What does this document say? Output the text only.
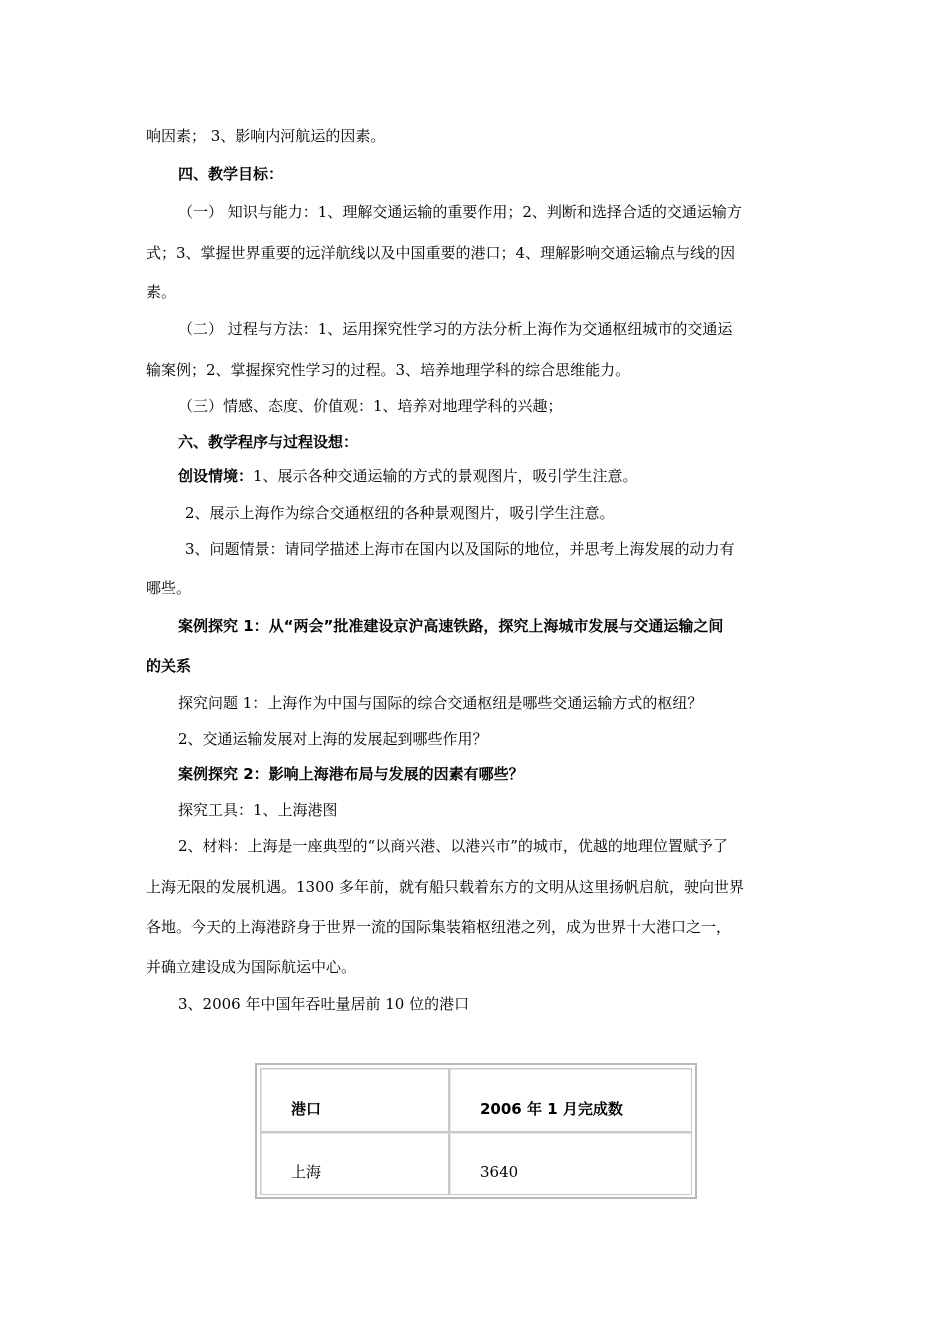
响因素； 3、影响内河航运的因素。
四、教学目标：
（一） 知识与能力：1、理解交通运输的重要作用；2、判断和选择合适的交通运输方
式；3、掌握世界重要的远洋航线以及中国重要的港口；4、理解影响交通运输点与线的因
素。
（二） 过程与方法：1、运用探究性学习的方法分析上海作为交通枢纽城市的交通运
输案例；2、掌握探究性学习的过程。3、培养地理学科的综合思维能力。
（三）情感、态度、价值观：1、培养对地理学科的兴趣；
六、教学程序与过程设想：
创设情境：1、展示各种交通运输的方式的景观图片，吸引学生注意。
2、展示上海作为综合交通枢纽的各种景观图片，吸引学生注意。
3、问题情景：请同学描述上海市在国内以及国际的地位，并思考上海发展的动力有
哪些。
案例探究 1：从“两会”批准建设京沪高速铁路，探究上海城市发展与交通运输之间
的关系
探究问题 1：上海作为中国与国际的综合交通枢纽是哪些交通运输方式的枢纽？
2、交通运输发展对上海的发展起到哪些作用？
案例探究 2：影响上海港布局与发展的因素有哪些？
探究工具：1、上海港图
2、材料：上海是一座典型的“以商兴港、以港兴市”的城市，优越的地理位置赋予了
上海无限的发展机遇。1300 多年前，就有船只载着东方的文明从这里扬帆启航，驶向世界
各地。今天的上海港跻身于世界一流的国际集装箱枢纽港之列，成为世界十大港口之一，
并确立建设成为国际航运中心。
3、2006 年中国年吞吐量居前 10 位的港口
港口	2006 年 1 月完成数
上海	3640
